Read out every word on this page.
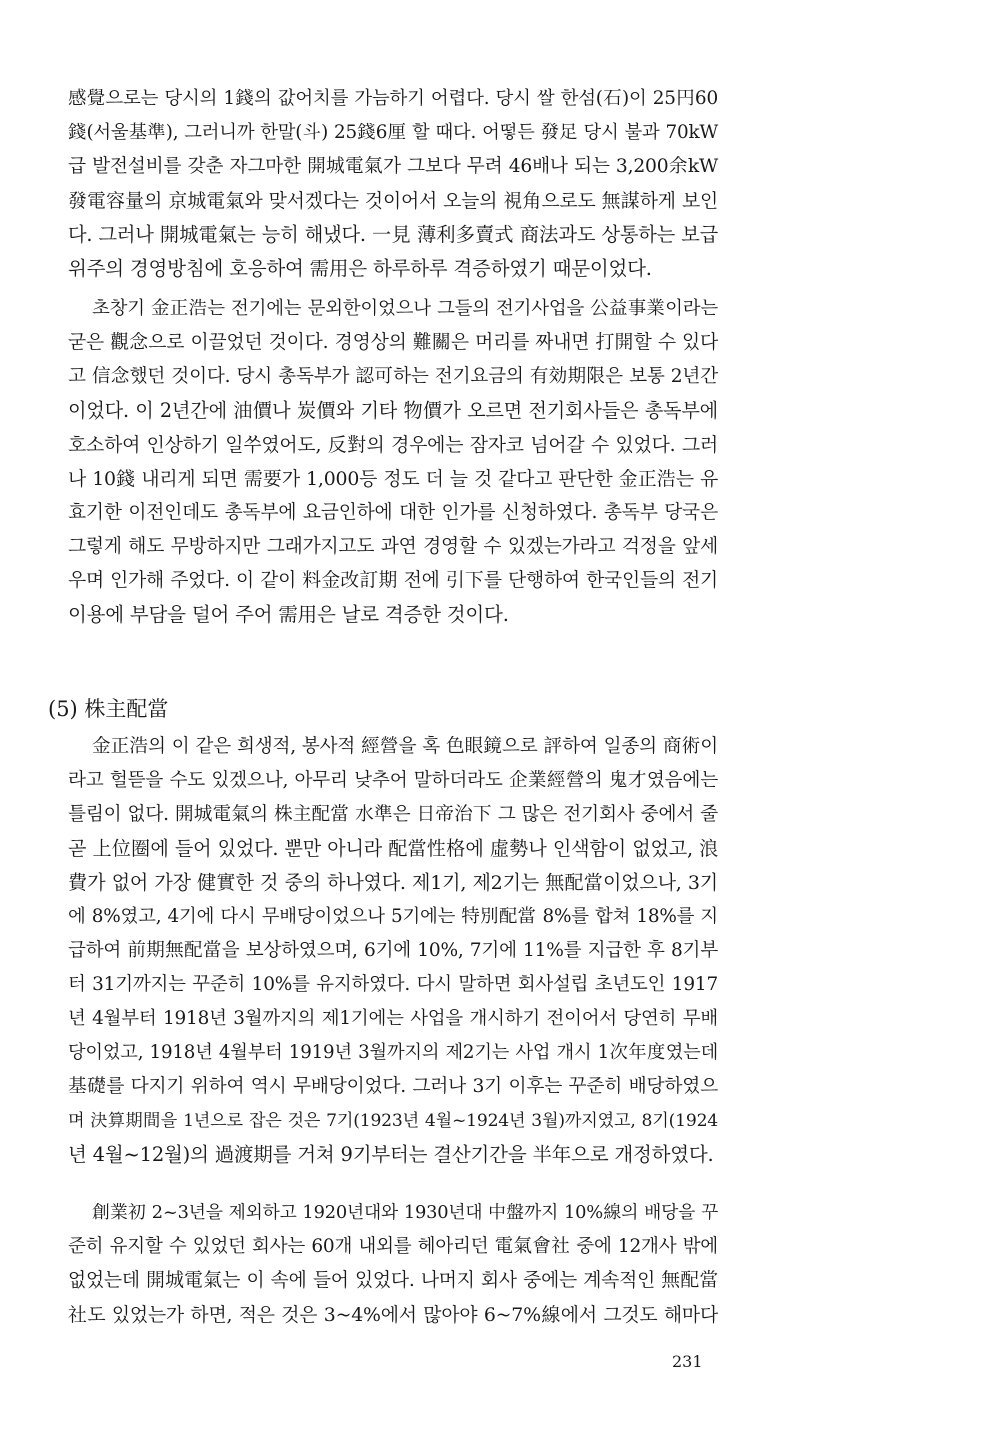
感覺으로는 당시의 1錢의 값어치를 가늠하기 어렵다. 당시 쌀 한섬(石)이 25円60
錢(서울基準), 그러니까 한말(斗) 25錢6厘 할 때다. 어떻든 發足 당시 불과 70kW
급 발전설비를 갖춘 자그마한 開城電氣가 그보다 무려 46배나 되는 3,200余kW
發電容量의 京城電氣와 맞서겠다는 것이어서 오늘의 視角으로도 無謀하게 보인
다. 그러나 開城電氣는 능히 해냈다. 一見 薄利多賣式 商法과도 상통하는 보급
위주의 경영방침에 호응하여 需用은 하루하루 격증하였기 때문이었다.
초창기 金正浩는 전기에는 문외한이었으나 그들의 전기사업을 公益事業이라는
굳은 觀念으로 이끌었던 것이다. 경영상의 難關은 머리를 짜내면 打開할 수 있다
고 信念했던 것이다. 당시 총독부가 認可하는 전기요금의 有効期限은 보통 2년간
이었다. 이 2년간에 油價나 炭價와 기타 物價가 오르면 전기회사들은 총독부에
호소하여 인상하기 일쑤였어도, 反對의 경우에는 잠자코 넘어갈 수 있었다. 그러
나 10錢 내리게 되면 需要가 1,000등 정도 더 늘 것 같다고 판단한 金正浩는 유
효기한 이전인데도 총독부에 요금인하에 대한 인가를 신청하였다. 총독부 당국은
그렇게 해도 무방하지만 그래가지고도 과연 경영할 수 있겠는가라고 걱정을 앞세
우며 인가해 주었다. 이 같이 料金改訂期 전에 引下를 단행하여 한국인들의 전기
이용에 부담을 덜어 주어 需用은 날로 격증한 것이다.
(5) 株主配當
金正浩의 이 같은 희생적, 봉사적 經營을 혹 色眼鏡으로 評하여 일종의 商術이
라고 헐뜯을 수도 있겠으나, 아무리 낮추어 말하더라도 企業經營의 鬼才였음에는
틀림이 없다. 開城電氣의 株主配當 水準은 日帝治下 그 많은 전기회사 중에서 줄
곧 上位圈에 들어 있었다. 뿐만 아니라 配當性格에 虛勢나 인색함이 없었고, 浪
費가 없어 가장 健實한 것 중의 하나였다. 제1기, 제2기는 無配當이었으나, 3기
에 8%였고, 4기에 다시 무배당이었으나 5기에는 特別配當 8%를 합쳐 18%를 지
급하여 前期無配當을 보상하였으며, 6기에 10%, 7기에 11%를 지급한 후 8기부
터 31기까지는 꾸준히 10%를 유지하였다. 다시 말하면 회사설립 초년도인 1917
년 4월부터 1918년 3월까지의 제1기에는 사업을 개시하기 전이어서 당연히 무배
당이었고, 1918년 4월부터 1919년 3월까지의 제2기는 사업 개시 1次年度였는데
基礎를 다지기 위하여 역시 무배당이었다. 그러나 3기 이후는 꾸준히 배당하였으
며 決算期間을 1년으로 잡은 것은 7기(1923년 4월~1924년 3월)까지였고, 8기(1924
년 4월~12월)의 過渡期를 거쳐 9기부터는 결산기간을 半年으로 개정하였다.
創業初 2~3년을 제외하고 1920년대와 1930년대 中盤까지 10%線의 배당을 꾸
준히 유지할 수 있었던 회사는 60개 내외를 헤아리던 電氣會社 중에 12개사 밖에
없었는데 開城電氣는 이 속에 들어 있었다. 나머지 회사 중에는 계속적인 無配當
社도 있었는가 하면, 적은 것은 3~4%에서 많아야 6~7%線에서 그것도 해마다
231
